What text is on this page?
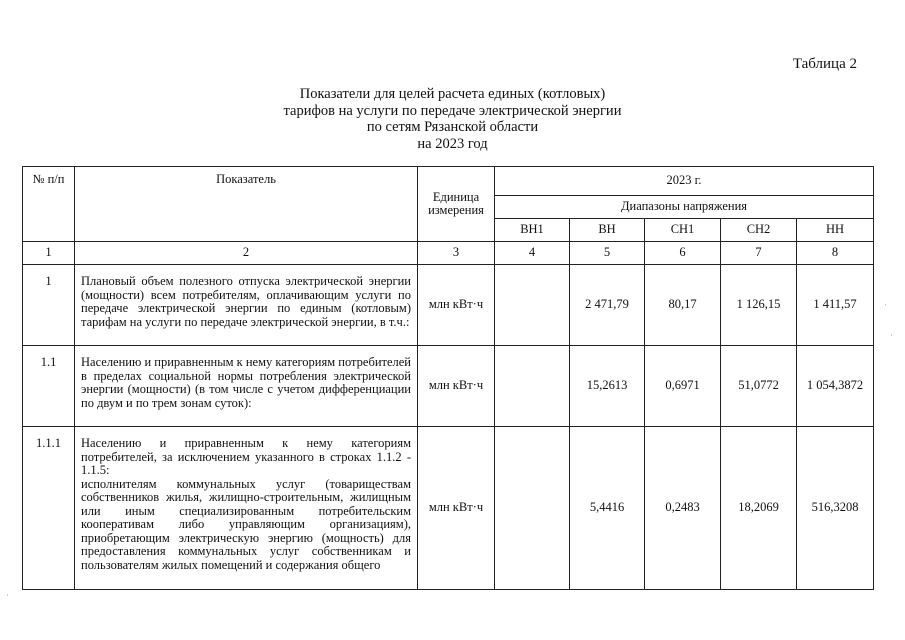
Таблица 2
Показатели для целей расчета единых (котловых)
тарифов на услуги по передаче электрической энергии
по сетям Рязанской области
на 2023 год
№ п/п	Показатель	Единица измерения	2023 г.				
			Диапазоны напряжения				
			ВН1	ВН	СН1	СН2	НН
1	2	3	4	5	6	7	8
1	Плановый объем полезного отпуска электрической энергии (мощности) всем потребителям, оплачивающим услуги по передаче электрической энергии по единым (котловым) тарифам на услуги по передаче электрической энергии, в т.ч.:	млн кВт·ч		2 471,79	80,17	1 126,15	1 411,57
1.1	Населению и приравненным к нему категориям потребителей в пределах социальной нормы потребления электрической энергии (мощности) (в том числе с учетом дифференциации по двум и по трем зонам суток):	млн кВт·ч		15,2613	0,6971	51,0772	1 054,3872
1.1.1	Населению и приравненным к нему категориям потребителей, за исключением указанного в строках 1.1.2 - 1.1.5:
исполнителям коммунальных услуг (товариществам собственников жилья, жилищно-строительным, жилищным или иным специализированным потребительским кооперативам либо управляющим организациям), приобретающим электрическую энергию (мощность) для предоставления коммунальных услуг собственникам и пользователям жилых помещений и содержания общего	млн кВт·ч		5,4416	0,2483	18,2069	516,3208
·
·
·
